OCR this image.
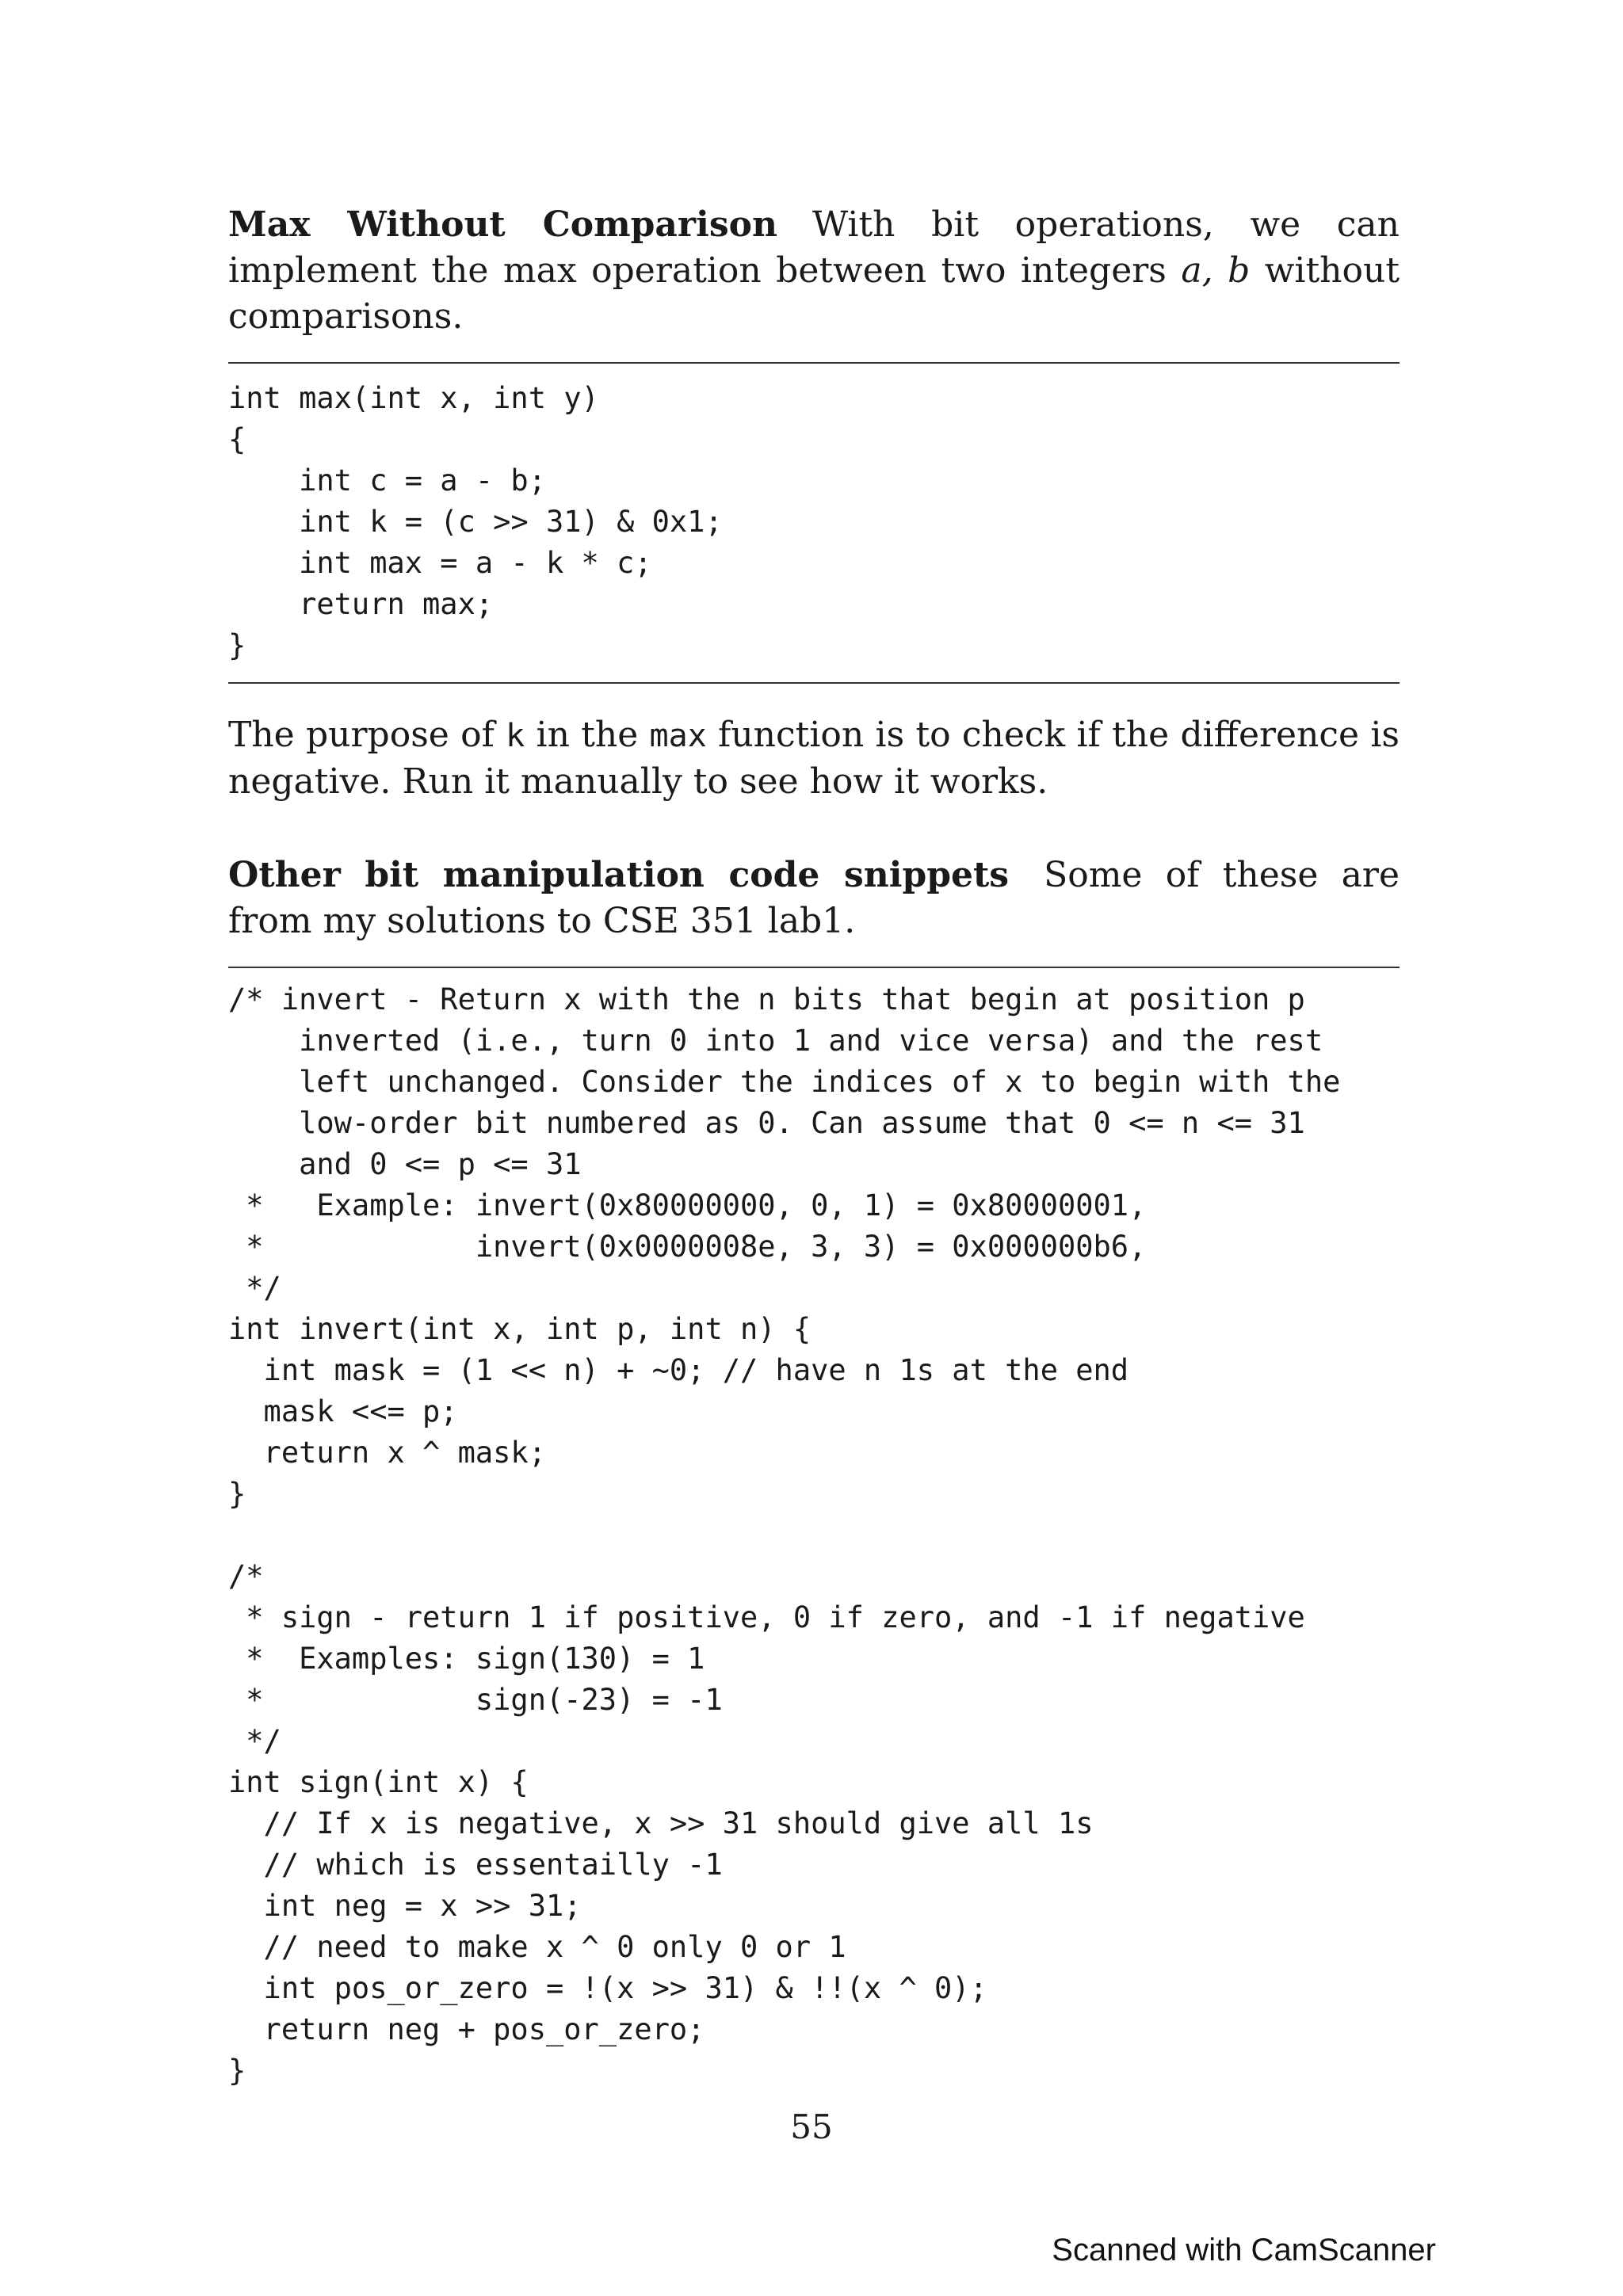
Max Without Comparison With bit operations, we can implement the max operation between two integers a, b without comparisons.

int max(int x, int y)
{
int c = a - b;
int k = (c >> 31) & 0x1;
int max = a - k * c;
return max;
}

The purpose of k in the max function is to check if the difference is negative. Run it manually to see how it works.

Other bit manipulation code snippets Some of these are from my solutions to CSE 351 lab1.

/* invert - Return x with the n bits that begin at position p
inverted (i.e., turn 0 into 1 and vice versa) and the rest
left unchanged. Consider the indices of x to begin with the
low-order bit numbered as 0. Can assume that 0 <= n <= 31
and 0 <= p <= 31
*   Example: invert(0x80000000, 0, 1) = 0x80000001,
*            invert(0x0000008e, 3, 3) = 0x000000b6,
*/
int invert(int x, int p, int n) {
int mask = (1 << n) + ~0; // have n 1s at the end
mask <<= p;
return x ^ mask;
}

/*
* sign - return 1 if positive, 0 if zero, and -1 if negative
*  Examples: sign(130) = 1
*            sign(-23) = -1
*/
int sign(int x) {
// If x is negative, x >> 31 should give all 1s
// which is essentailly -1
int neg = x >> 31;
// need to make x ^ 0 only 0 or 1
int pos_or_zero = !(x >> 31) & !!(x ^ 0);
return neg + pos_or_zero;
}
55
Scanned with CamScanner
